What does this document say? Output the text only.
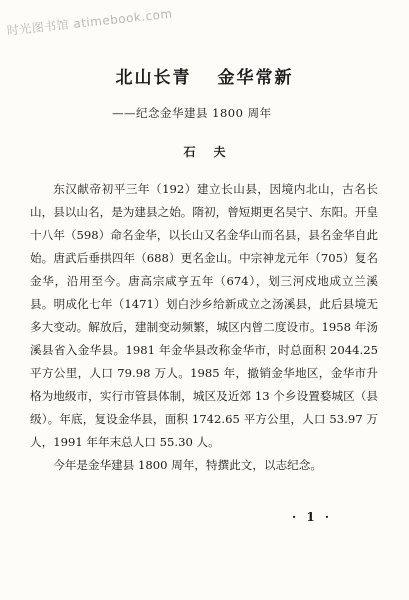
时光图书馆 atimebook.com
北山长青 金华常新
——纪念金华建县 1800 周年
石夫

东汉献帝初平三年（192）建立长山县，因境内北山，古名长山，县以山名，是为建县之始。隋初，曾短期更名吴宁、东阳。开皇十八年（598）命名金华，以长山又名金华山而名县，县名金华自此始。唐武后垂拱四年（688）更名金山。中宗神龙元年（705）复名金华，沿用至今。唐高宗咸亨五年（674），划三河戍地成立兰溪县。明成化七年（1471）划白沙乡给新成立之汤溪县，此后县境无多大变动。解放后，建制变动频繁，城区内曾二度设市。1958 年汤溪县省入金华县。1981 年金华县改称金华市，时总面积 2044.25 平方公里，人口 79.98 万人。1985 年，撤销金华地区，金华市升格为地级市，实行市管县体制，城区及近郊 13 个乡设置婺城区（县级）。年底，复设金华县，面积 1742.65 平方公里，人口 53.97 万人，1991 年年末总人口 55.30 人。

今年是金华建县 1800 周年，特撰此文，以志纪念。

· 1 ·
